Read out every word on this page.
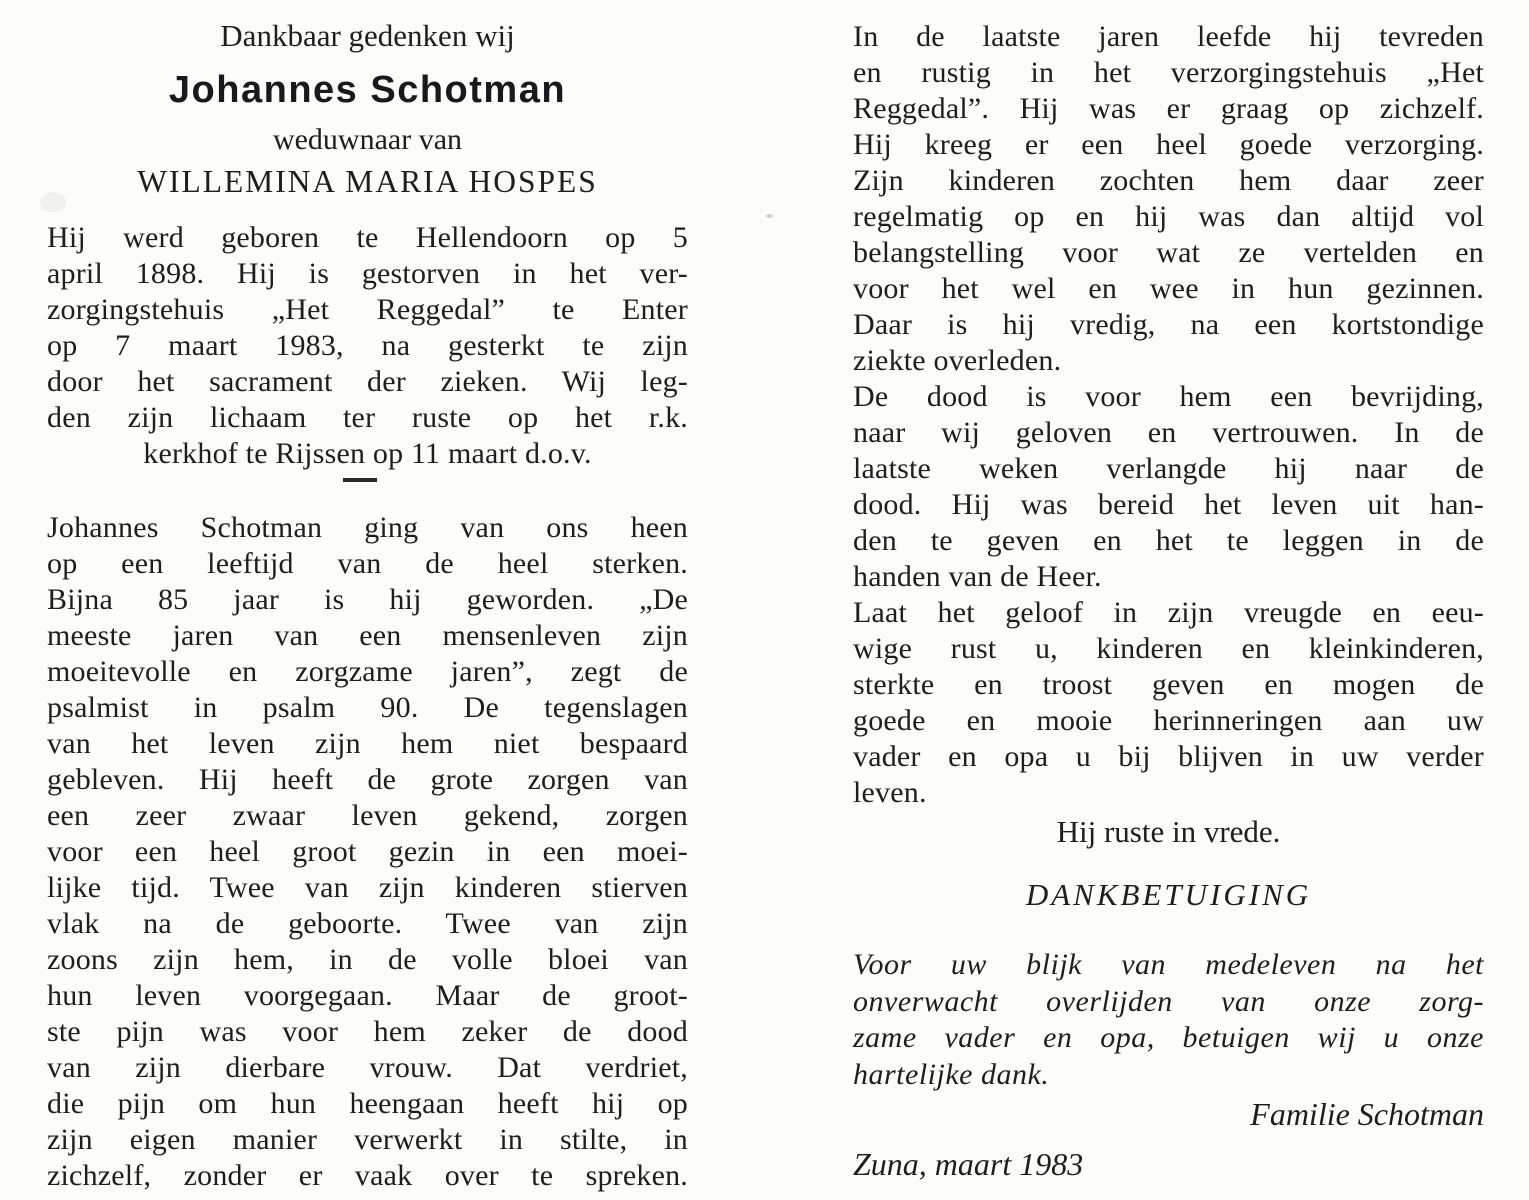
Dankbaar gedenken wij
Johannes Schotman
weduwnaar van
WILLEMINA MARIA HOSPES
Hij werd geboren te Hellendoorn op 5
april 1898. Hij is gestorven in het ver-
zorgingstehuis „Het Reggedal” te Enter
op 7 maart 1983, na gesterkt te zijn
door het sacrament der zieken. Wij leg-
den zijn lichaam ter ruste op het r.k.
kerkhof te Rijssen op 11 maart d.o.v.
Johannes Schotman ging van ons heen
op een leeftijd van de heel sterken.
Bijna 85 jaar is hij geworden. „De
meeste jaren van een mensenleven zijn
moeitevolle en zorgzame jaren”, zegt de
psalmist in psalm 90. De tegenslagen
van het leven zijn hem niet bespaard
gebleven. Hij heeft de grote zorgen van
een zeer zwaar leven gekend, zorgen
voor een heel groot gezin in een moei-
lijke tijd. Twee van zijn kinderen stierven
vlak na de geboorte. Twee van zijn
zoons zijn hem, in de volle bloei van
hun leven voorgegaan. Maar de groot-
ste pijn was voor hem zeker de dood
van zijn dierbare vrouw. Dat verdriet,
die pijn om hun heengaan heeft hij op
zijn eigen manier verwerkt in stilte, in
zichzelf, zonder er vaak over te spreken.
In de laatste jaren leefde hij tevreden
en rustig in het verzorgingstehuis „Het
Reggedal”. Hij was er graag op zichzelf.
Hij kreeg er een heel goede verzorging.
Zijn kinderen zochten hem daar zeer
regelmatig op en hij was dan altijd vol
belangstelling voor wat ze vertelden en
voor het wel en wee in hun gezinnen.
Daar is hij vredig, na een kortstondige
ziekte overleden.
De dood is voor hem een bevrijding,
naar wij geloven en vertrouwen. In de
laatste weken verlangde hij naar de
dood. Hij was bereid het leven uit han-
den te geven en het te leggen in de
handen van de Heer.
Laat het geloof in zijn vreugde en eeu-
wige rust u, kinderen en kleinkinderen,
sterkte en troost geven en mogen de
goede en mooie herinneringen aan uw
vader en opa u bij blijven in uw verder
leven.
Hij ruste in vrede.
DANKBETUIGING
Voor uw blijk van medeleven na het
onverwacht overlijden van onze zorg-
zame vader en opa, betuigen wij u onze
hartelijke dank.
Familie Schotman
Zuna, maart 1983
